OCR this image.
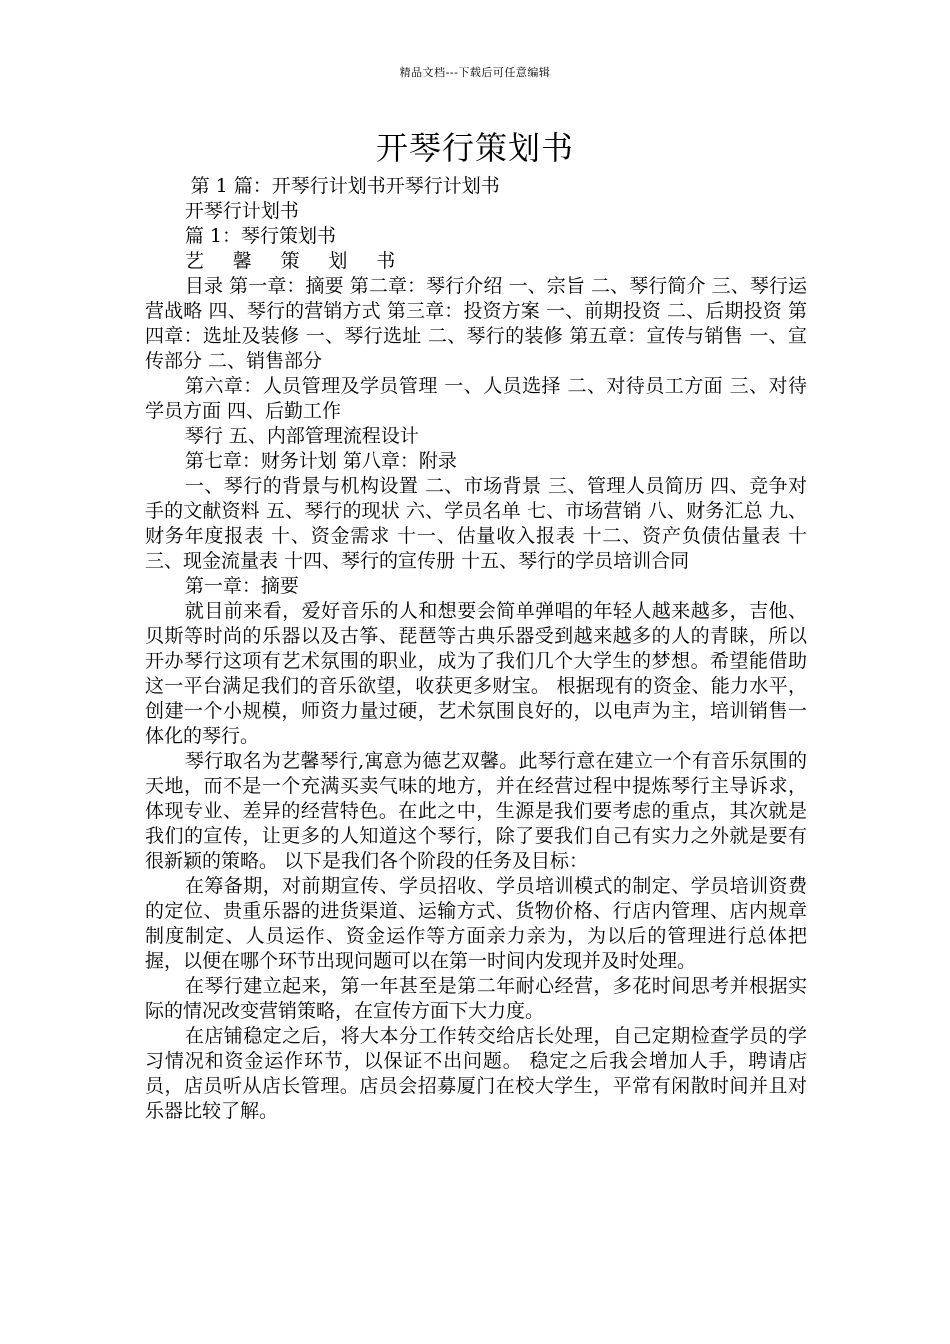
精品文档---下载后可任意编辑
开琴行策划书

第 1 篇：开琴行计划书开琴行计划书

开琴行计划书

篇 1：琴行策划书

艺 馨 策 划 书

目录 第一章：摘要 第二章：琴行介绍 一、宗旨 二、琴行简介 三、琴行运营战略 四、琴行的营销方式 第三章：投资方案 一、前期投资 二、后期投资 第四章：选址及装修 一、琴行选址 二、琴行的装修 第五章：宣传与销售 一、宣传部分 二、销售部分

第六章：人员管理及学员管理 一、人员选择 二、对待员工方面 三、对待学员方面 四、后勤工作

琴行 五、内部管理流程设计

第七章：财务计划 第八章：附录

一、琴行的背景与机构设置 二、市场背景 三、管理人员简历 四、竞争对手的文献资料 五、琴行的现状 六、学员名单 七、市场营销 八、财务汇总 九、财务年度报表 十、资金需求 十一、估量收入报表 十二、资产负债估量表 十三、现金流量表 十四、琴行的宣传册 十五、琴行的学员培训合同

第一章：摘要

就目前来看，爱好音乐的人和想要会简单弹唱的年轻人越来越多，吉他、贝斯等时尚的乐器以及古筝、琵琶等古典乐器受到越来越多的人的青睐，所以开办琴行这项有艺术氛围的职业，成为了我们几个大学生的梦想。希望能借助这一平台满足我们的音乐欲望，收获更多财宝。 根据现有的资金、能力水平，创建一个小规模，师资力量过硬，艺术氛围良好的，以电声为主，培训销售一体化的琴行。

琴行取名为艺馨琴行,寓意为德艺双馨。此琴行意在建立一个有音乐氛围的天地，而不是一个充满买卖气味的地方，并在经营过程中提炼琴行主导诉求，体现专业、差异的经营特色。在此之中，生源是我们要考虑的重点，其次就是我们的宣传，让更多的人知道这个琴行，除了要我们自己有实力之外就是要有很新颖的策略。 以下是我们各个阶段的任务及目标：

在筹备期，对前期宣传、学员招收、学员培训模式的制定、学员培训资费的定位、贵重乐器的进货渠道、运输方式、货物价格、行店内管理、店内规章制度制定、人员运作、资金运作等方面亲力亲为，为以后的管理进行总体把握，以便在哪个环节出现问题可以在第一时间内发现并及时处理。

在琴行建立起来，第一年甚至是第二年耐心经营，多花时间思考并根据实际的情况改变营销策略，在宣传方面下大力度。

在店铺稳定之后，将大本分工作转交给店长处理，自己定期检查学员的学习情况和资金运作环节，以保证不出问题。 稳定之后我会增加人手，聘请店员，店员听从店长管理。店员会招募厦门在校大学生，平常有闲散时间并且对乐器比较了解。
